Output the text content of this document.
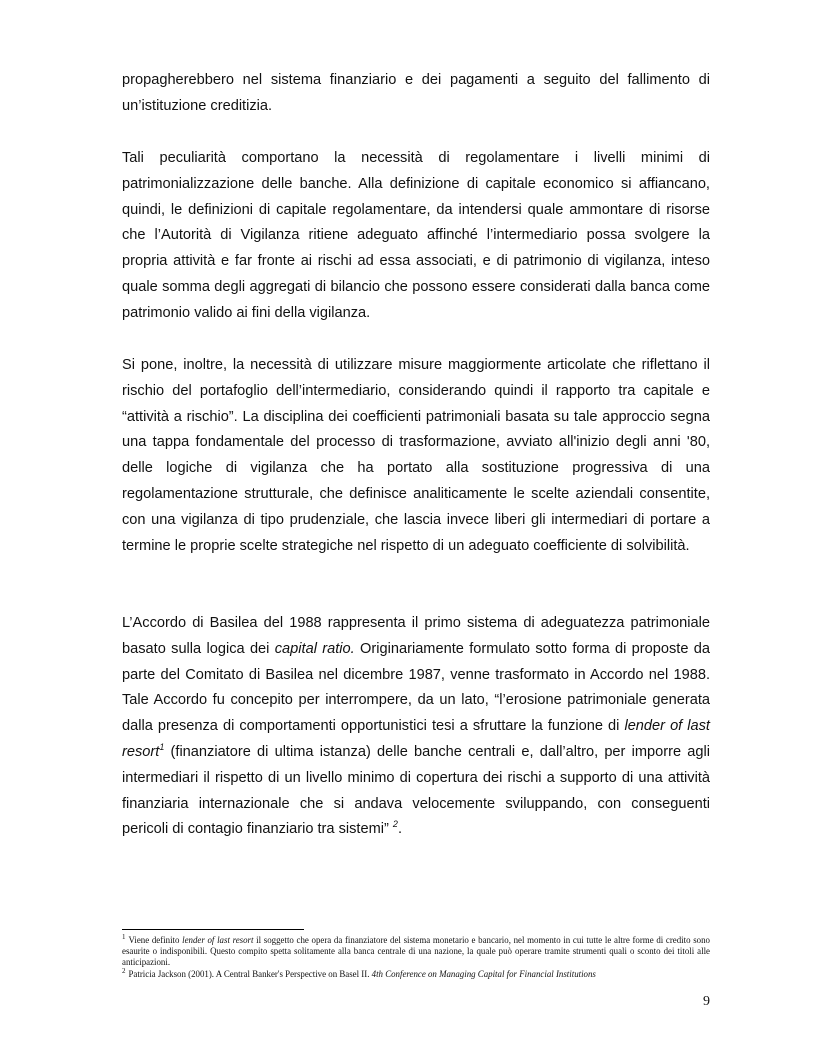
propagherebbero nel sistema finanziario e dei pagamenti a seguito del fallimento di un’istituzione creditizia.

Tali peculiarità comportano la necessità di regolamentare i livelli minimi di patrimonializzazione delle banche. Alla definizione di capitale economico si affiancano, quindi, le definizioni di capitale regolamentare, da intendersi quale ammontare di risorse che l’Autorità di Vigilanza ritiene adeguato affinché l’intermediario possa svolgere la propria attività e far fronte ai rischi ad essa associati, e di patrimonio di vigilanza, inteso quale somma degli aggregati di bilancio che possono essere considerati dalla banca come patrimonio valido ai fini della vigilanza.

Si pone, inoltre, la necessità di utilizzare misure maggiormente articolate che riflettano il rischio del portafoglio dell’intermediario, considerando quindi il rapporto tra capitale e “attività a rischio”. La disciplina dei coefficienti patrimoniali basata su tale approccio segna una tappa fondamentale del processo di trasformazione, avviato all'inizio degli anni '80, delle logiche di vigilanza che ha portato alla sostituzione progressiva di una regolamentazione strutturale, che definisce analiticamente le scelte aziendali consentite, con una vigilanza di tipo prudenziale, che lascia invece liberi gli intermediari di portare a termine le proprie scelte strategiche nel rispetto di un adeguato coefficiente di solvibilità.

L’Accordo di Basilea del 1988 rappresenta il primo sistema di adeguatezza patrimoniale basato sulla logica dei capital ratio. Originariamente formulato sotto forma di proposte da parte del Comitato di Basilea nel dicembre 1987, venne trasformato in Accordo nel 1988. Tale Accordo fu concepito per interrompere, da un lato, “l’erosione patrimoniale generata dalla presenza di comportamenti opportunistici tesi a sfruttare la funzione di lender of last resort$^1$ (finanziatore di ultima istanza) delle banche centrali e, dall’altro, per imporre agli intermediari il rispetto di un livello minimo di copertura dei rischi a supporto di una attività finanziaria internazionale che si andava velocemente sviluppando, con conseguenti pericoli di contagio finanziario tra sistemi” $^2$.

$^1$ Viene definito lender of last resort il soggetto che opera da finanziatore del sistema monetario e bancario, nel momento in cui tutte le altre forme di credito sono esaurite o indisponibili. Questo compito spetta solitamente alla banca centrale di una nazione, la quale può operare tramite strumenti quali o sconto dei titoli alle anticipazioni.

$^2$ Patricia Jackson (2001). A Central Banker's Perspective on Basel II. 4th Conference on Managing Capital for Financial Institutions

9
